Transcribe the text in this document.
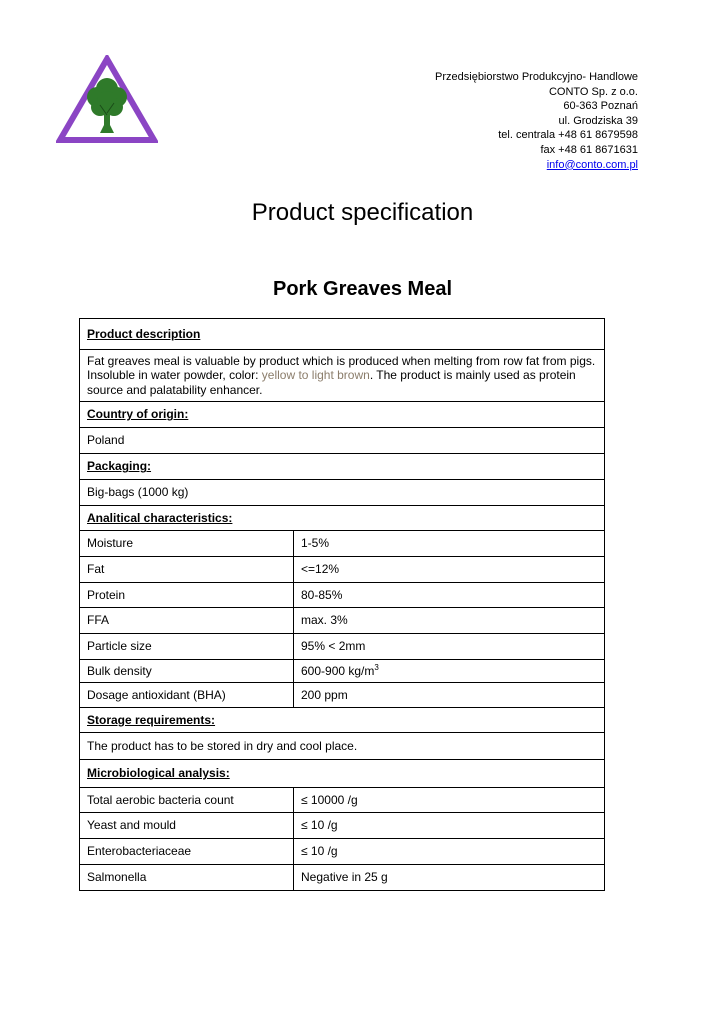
Przedsiębiorstwo Produkcyjno- Handlowe
CONTO Sp. z o.o.
60-363 Poznań
ul. Grodziska 39
tel. centrala +48 61 8679598
fax +48 61 8671631
info@conto.com.pl
Product specification
Pork Greaves Meal
Product description	
Fat greaves meal is valuable by product which is produced when melting from row fat from pigs. Insoluble in water powder, color: yellow to light brown. The product is mainly used as protein source and palatability enhancer.	
Country of origin:	
Poland	
Packaging:	
Big-bags (1000 kg)	
Analitical characteristics:	
Moisture	1-5%
Fat	<=12%
Protein	80-85%
FFA	max. 3%
Particle size	95% < 2mm
Bulk density	600-900 $kg/m^3$
Dosage antioxidant (BHA)	200 ppm
Storage requirements:	
The product has to be stored in dry and cool place.	
Microbiological analysis:	
Total aerobic bacteria count	≤ 10000 /g
Yeast and mould	≤ 10 /g
Enterobacteriaceae	≤ 10 /g
Salmonella	Negative in 25 g
